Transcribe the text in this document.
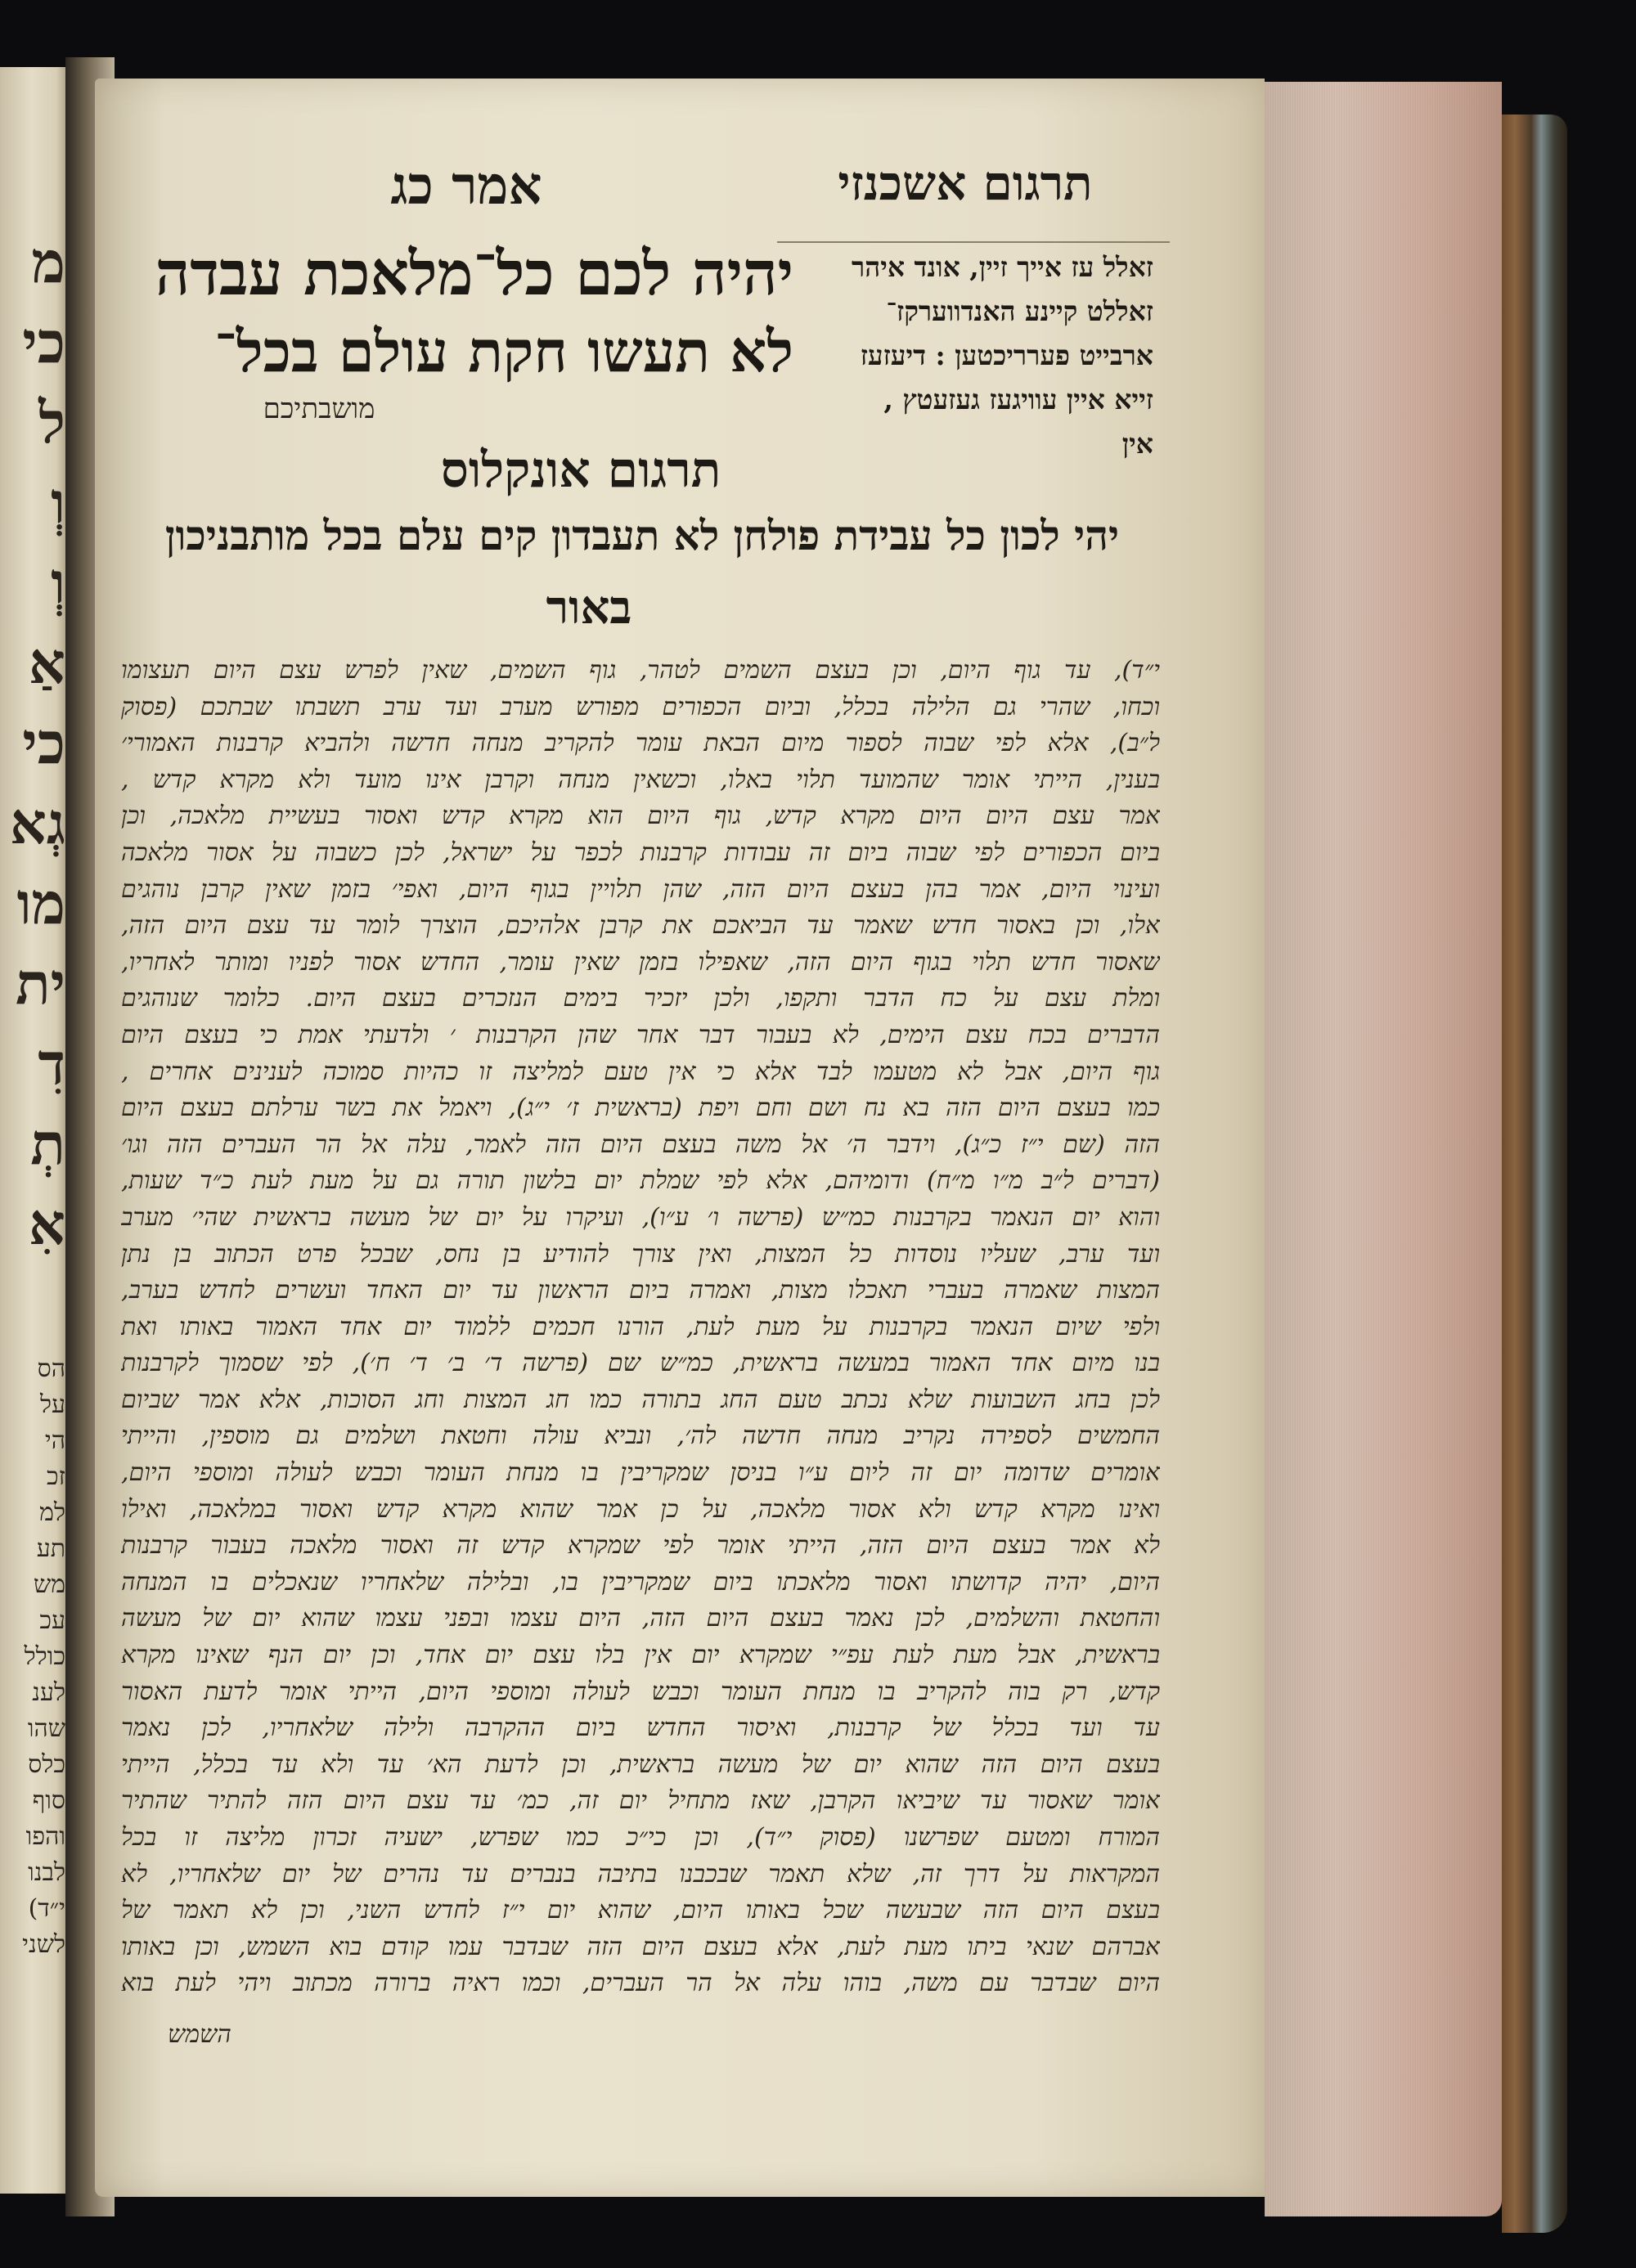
מ
כי
ל
וְ
וְ
אַ
כי
גְא
מו
ית
דִ
תְ
אִ
הס
על
הי
זכ
למ
תע
מש
עכ
כולל
לענ
שהו
כלס
סוף
והפו
לבנו
י״ד)
לשני
אמר כג	תרגום אשכנזי
יהיה לכם כל־מלאכת עבדה
לא תעשו חקת עולם בכל־
מושבתיכם
זאלל עז אייך זיין, אונד איהר
זאללט קיינע האנדווערקז־
ארבייט פערריכטען : דיעזעז
זייא איין עוויגעז געזעטץ ,
אין
תרגום אונקלוס
יהי לכון כל עבידת פולחן לא תעבדון קים עלם בכל מותבניכון
באור
י״ד), עד גוף היום, וכן בעצם השמים לטהר, גוף השמים, שאין לפרש עצם היום תעצומו
וכחו, שהרי גם הלילה בכלל, וביום הכפורים מפורש מערב ועד ערב תשבתו שבתכם (פסוק
ל״ב), אלא לפי שבוה לספור מיום הבאת עומר להקריב מנחה חדשה ולהביא קרבנות האמורי׳
בענין, הייתי אומר שהמועד תלוי באלו, וכשאין מנחה וקרבן אינו מועד ולא מקרא קדש ,
אמר עצם היום היום מקרא קדש, גוף היום הוא מקרא קדש ואסור בעשיית מלאכה, וכן
ביום הכפורים לפי שבוה ביום זה עבודות קרבנות לכפר על ישראל, לכן כשבוה על אסור מלאכה
ועינוי היום, אמר בהן בעצם היום הזה, שהן תלויין בגוף היום, ואפי׳ בזמן שאין קרבן נוהגים
אלו, וכן באסור חדש שאמר עד הביאכם את קרבן אלהיכם, הוצרך לומר עד עצם היום הזה,
שאסור חדש תלוי בגוף היום הזה, שאפילו בזמן שאין עומר, החדש אסור לפניו ומותר לאחריו,
ומלת עצם על כח הדבר ותקפו, ולכן יזכיר בימים הנזכרים בעצם היום. כלומר שנוהגים
הדברים בכח עצם הימים, לא בעבור דבר אחר שהן הקרבנות ׳ ולדעתי אמת כי בעצם היום
גוף היום, אבל לא מטעמו לבד אלא כי אין טעם למליצה זו כהיות סמוכה לענינים אחרים ,
כמו בעצם היום הזה בא נח ושם וחם ויפת (בראשית ז׳ י״ג), ויאמל את בשר ערלתם בעצם היום
הזה (שם י״ז כ״ג), וידבר ה׳ אל משה בעצם היום הזה לאמר, עלה אל הר העברים הזה וגו׳
(דברים ל״ב מ״ו מ״ח) ודומיהם, אלא לפי שמלת יום בלשון תורה גם על מעת לעת כ״ד שעות,
והוא יום הנאמר בקרבנות כמ״ש (פרשה ו׳ ע״ו), ועיקרו על יום של מעשה בראשית שהי׳ מערב
ועד ערב, שעליו נוסדות כל המצות, ואין צורך להודיע בן נחס, שבכל פרט הכתוב בן נתן
המצות שאמרה בעברי תאכלו מצות, ואמרה ביום הראשון עד יום האחד ועשרים לחדש בערב,
ולפי שיום הנאמר בקרבנות על מעת לעת, הורנו חכמים ללמוד יום אחד האמור באותו ואת
בנו מיום אחד האמור במעשה בראשית, כמ״ש שם (פרשה ד׳ ב׳ ד׳ ח׳), לפי שסמוך לקרבנות
לכן בחג השבועות שלא נכתב טעם החג בתורה כמו חג המצות וחג הסוכות, אלא אמר שביום
החמשים לספירה נקריב מנחה חדשה לה׳, ונביא עולה וחטאת ושלמים גם מוספין, והייתי
אומרים שדומה יום זה ליום ע״ו בניסן שמקריבין בו מנחת העומר וכבש לעולה ומוספי היום,
ואינו מקרא קדש ולא אסור מלאכה, על כן אמר שהוא מקרא קדש ואסור במלאכה, ואילו
לא אמר בעצם היום הזה, הייתי אומר לפי שמקרא קדש זה ואסור מלאכה בעבור קרבנות
היום, יהיה קדושתו ואסור מלאכתו ביום שמקריבין בו, ובלילה שלאחריו שנאכלים בו המנחה
והחטאת והשלמים, לכן נאמר בעצם היום הזה, היום עצמו ובפני עצמו שהוא יום של מעשה
בראשית, אבל מעת לעת עפ״י שמקרא יום אין בלו עצם יום אחד, וכן יום הנף שאינו מקרא
קדש, רק בוה להקריב בו מנחת העומר וכבש לעולה ומוספי היום, הייתי אומר לדעת האסור
עד ועד בכלל של קרבנות, ואיסור החדש ביום ההקרבה ולילה שלאחריו, לכן נאמר
בעצם היום הזה שהוא יום של מעשה בראשית, וכן לדעת הא׳ עד ולא עד בכלל, הייתי
אומר שאסור עד שיביאו הקרבן, שאז מתחיל יום זה, כמ׳ עד עצם היום הזה להתיר שהתיר
המורח ומטעם שפרשנו (פסוק י״ד), וכן כי״כ כמו שפרש, ישעיה זכרון מליצה זו בכל
המקראות על דרך זה, שלא תאמר שבכבנו בתיבה בנברים עד נהרים של יום שלאחריו, לא
בעצם היום הזה שבעשה שכל באותו היום, שהוא יום י״ז לחדש השני, וכן לא תאמר של
אברהם שנאי ביתו מעת לעת, אלא בעצם היום הזה שבדבר עמו קודם בוא השמש, וכן באותו
היום שבדבר עם משה, בוהו עלה אל הר העברים, וכמו ראיה ברורה מכתוב ויהי לעת בוא
השמש
